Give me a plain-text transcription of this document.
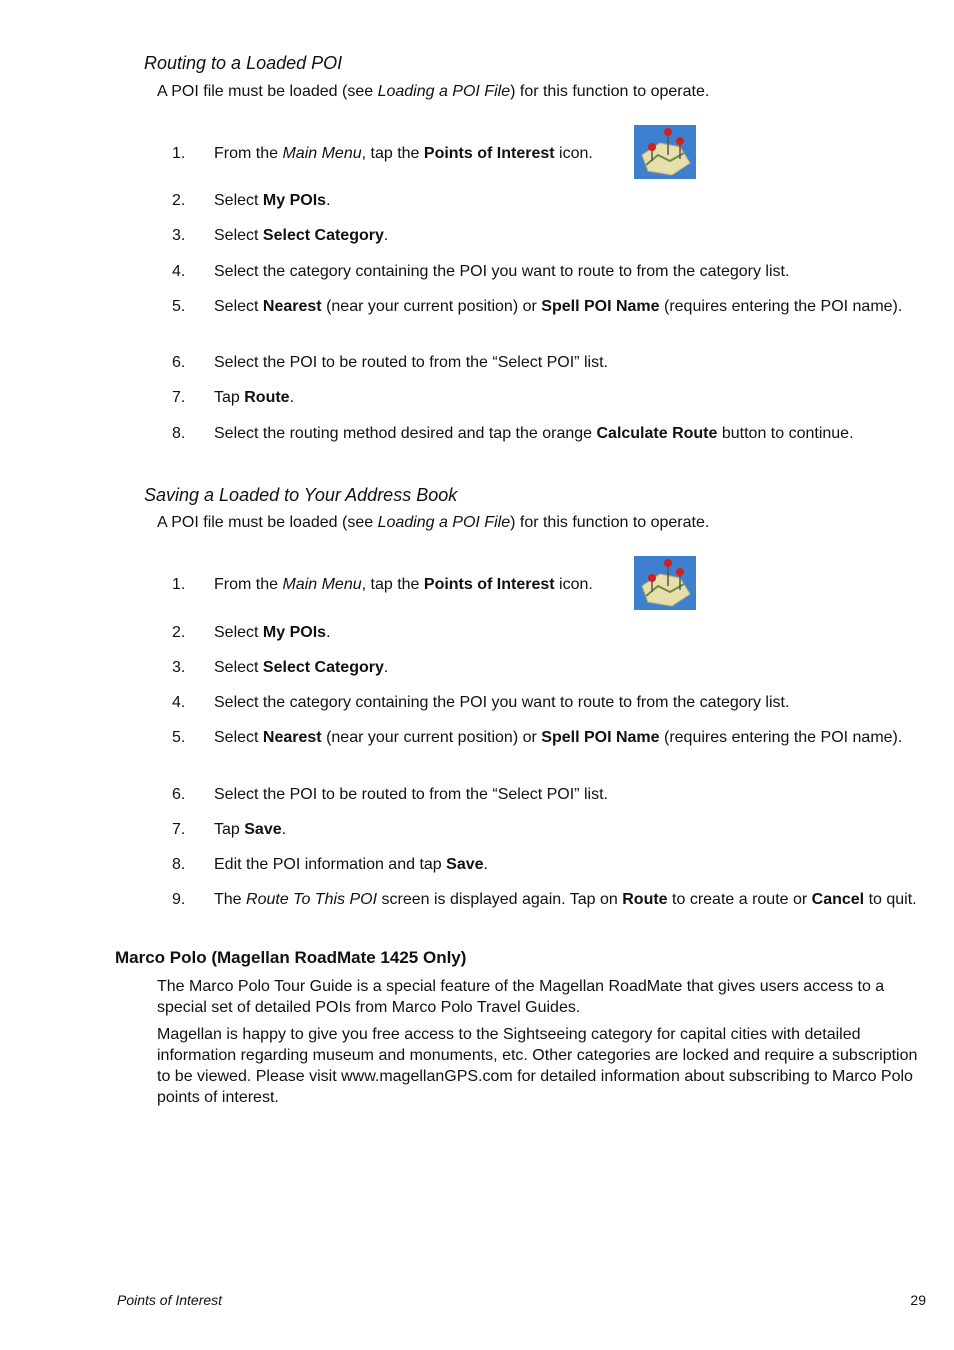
Routing to a Loaded POI
A POI file must be loaded (see Loading a POI File) for this function to operate.
1.	From the Main Menu, tap the Points of Interest icon.
2.	Select My POIs.
3.	Select Select Category.
4.	Select the category containing the POI you want to route to from the category list.
5.	Select Nearest (near your current position) or Spell POI Name (requires entering the POI name).
6.	Select the POI to be routed to from the “Select POI” list.
7.	Tap Route.
8.	Select the routing method desired and tap the orange Calculate Route button to continue.
Saving a Loaded to Your Address Book
A POI file must be loaded (see Loading a POI File) for this function to operate.
1.	From the Main Menu, tap the Points of Interest icon.
2.	Select My POIs.
3.	Select Select Category.
4.	Select the category containing the POI you want to route to from the category list.
5.	Select Nearest (near your current position) or Spell POI Name (requires entering the POI name).
6.	Select the POI to be routed to from the “Select POI” list.
7.	Tap Save.
8.	Edit the POI information and tap Save.
9.	The Route To This POI screen is displayed again. Tap on Route to create a route or Cancel to quit.
Marco Polo (Magellan RoadMate 1425 Only)
The Marco Polo Tour Guide is a special feature of the Magellan RoadMate that gives users access to a special set of detailed POIs from Marco Polo Travel Guides.
Magellan is happy to give you free access to the Sightseeing category for capital cities with detailed information regarding museum and monuments, etc. Other categories are locked and require a subscription to be viewed. Please visit www.magellanGPS.com for detailed information about subscribing to Marco Polo points of interest.
Points of Interest	29
